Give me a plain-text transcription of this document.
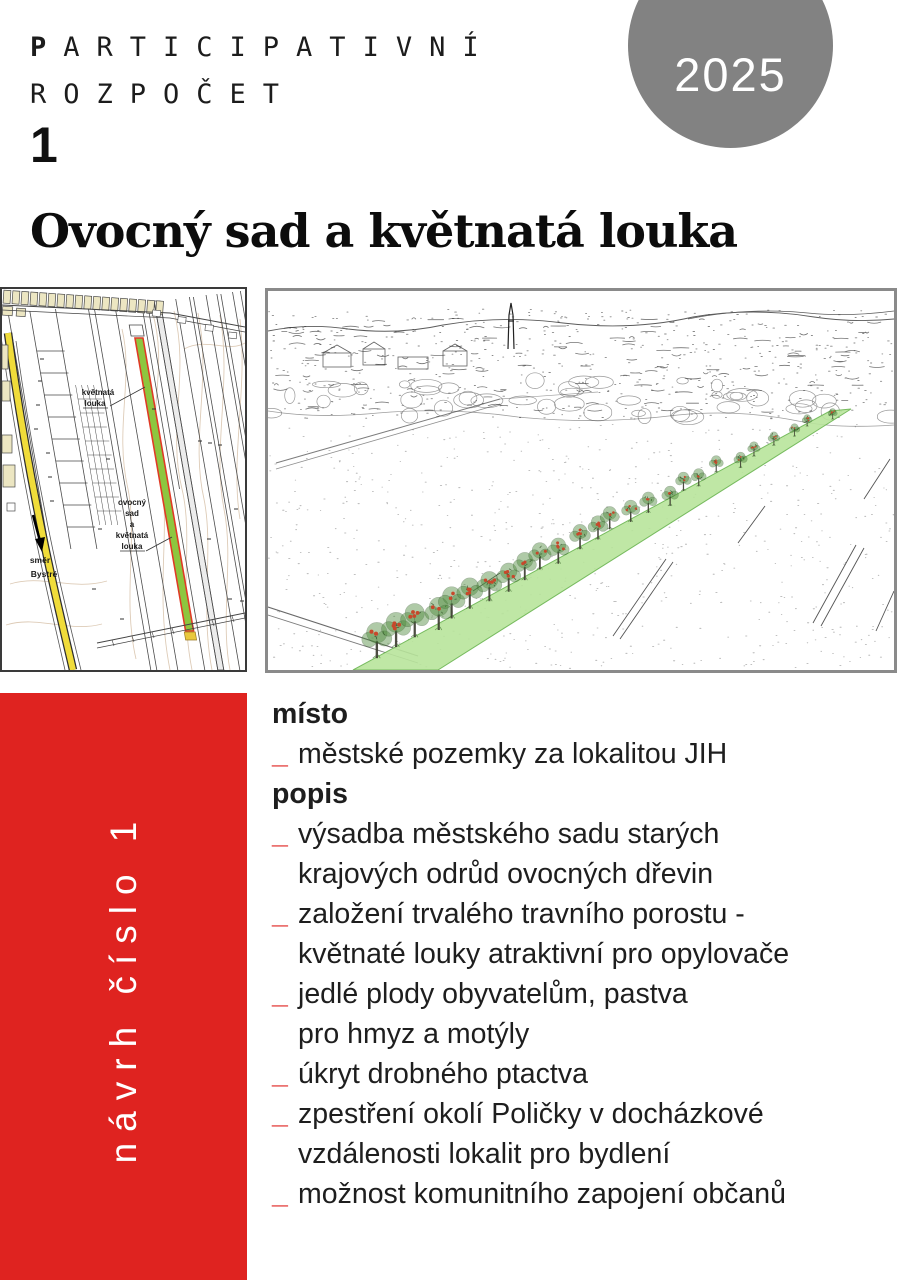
PARTICIPATIVNÍ
ROZPOČET	2025
1
Ovocný sad a květnatá louka
květnatá
louka
ovocný
sad
a
květnatá
louka
směr
Bystré
návrh číslo 1
místo
_ městské pozemky za lokalitou JIH
popis
_ výsadba městského sadu starých
krajových odrůd ovocných dřevin
_ založení trvalého travního porostu -
květnaté louky atraktivní pro opylovače
_ jedlé plody obyvatelům, pastva
pro hmyz a motýly
_ úkryt drobného ptactva
_ zpestření okolí Poličky v docházkové
vzdálenosti lokalit pro bydlení
_ možnost komunitního zapojení občanů
